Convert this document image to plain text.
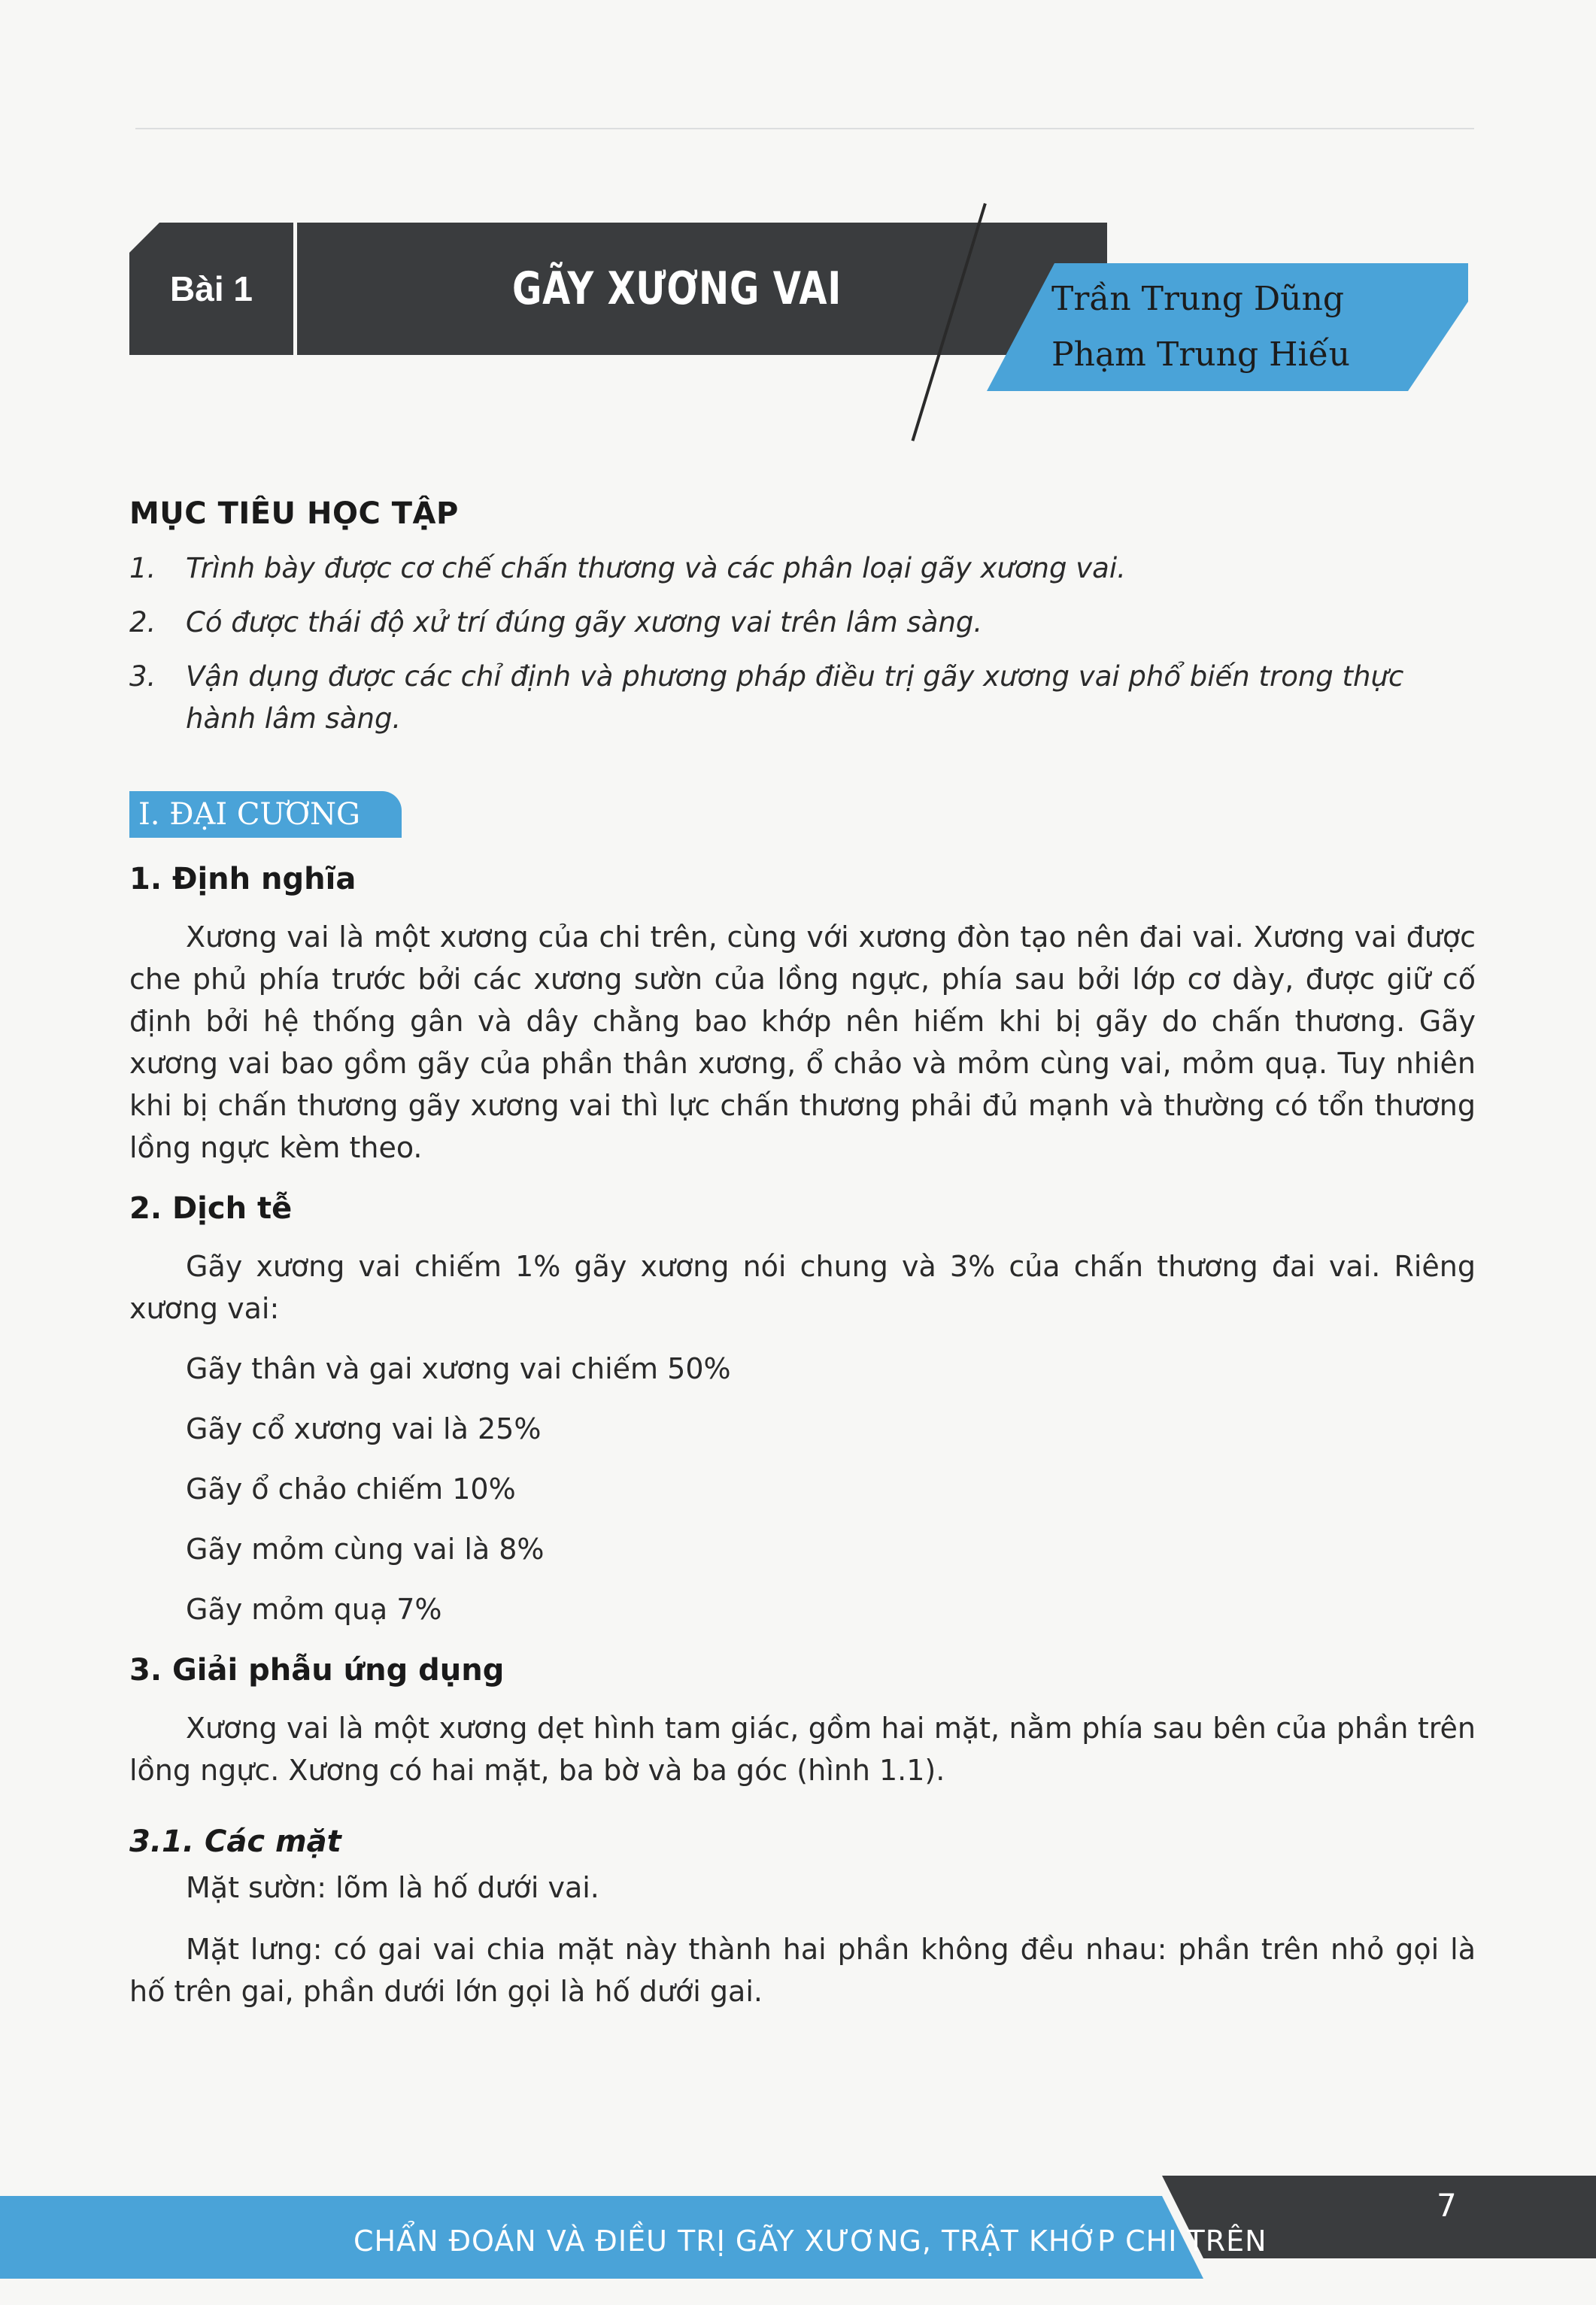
Bài 1	GÃY XƯƠNG VAI	Trần Trung Dũng
Phạm Trung Hiếu
MỤC TIÊU HỌC TẬP
1. Trình bày được cơ chế chấn thương và các phân loại gãy xương vai.
2. Có được thái độ xử trí đúng gãy xương vai trên lâm sàng.
3. Vận dụng được các chỉ định và phương pháp điều trị gãy xương vai phổ biến trong thực hành lâm sàng.
I. ĐẠI CƯƠNG
1. Định nghĩa

Xương vai là một xương của chi trên, cùng với xương đòn tạo nên đai vai. Xương vai được che phủ phía trước bởi các xương sườn của lồng ngực, phía sau bởi lớp cơ dày, được giữ cố định bởi hệ thống gân và dây chằng bao khớp nên hiếm khi bị gãy do chấn thương. Gãy xương vai bao gồm gãy của phần thân xương, ổ chảo và mỏm cùng vai, mỏm quạ. Tuy nhiên khi bị chấn thương gãy xương vai thì lực chấn thương phải đủ mạnh và thường có tổn thương lồng ngực kèm theo.

2. Dịch tễ

Gãy xương vai chiếm 1% gãy xương nói chung và 3% của chấn thương đai vai. Riêng xương vai:

Gãy thân và gai xương vai chiếm 50%

Gãy cổ xương vai là 25%

Gãy ổ chảo chiếm 10%

Gãy mỏm cùng vai là 8%

Gãy mỏm quạ 7%

3. Giải phẫu ứng dụng

Xương vai là một xương dẹt hình tam giác, gồm hai mặt, nằm phía sau bên của phần trên lồng ngực. Xương có hai mặt, ba bờ và ba góc (hình 1.1).

3.1. Các mặt

Mặt sườn: lõm là hố dưới vai.

Mặt lưng: có gai vai chia mặt này thành hai phần không đều nhau: phần trên nhỏ gọi là hố trên gai, phần dưới lớn gọi là hố dưới gai.

CHẨN ĐOÁN VÀ ĐIỀU TRỊ GÃY XƯƠNG, TRẬT KHỚP CHI TRÊN
7
